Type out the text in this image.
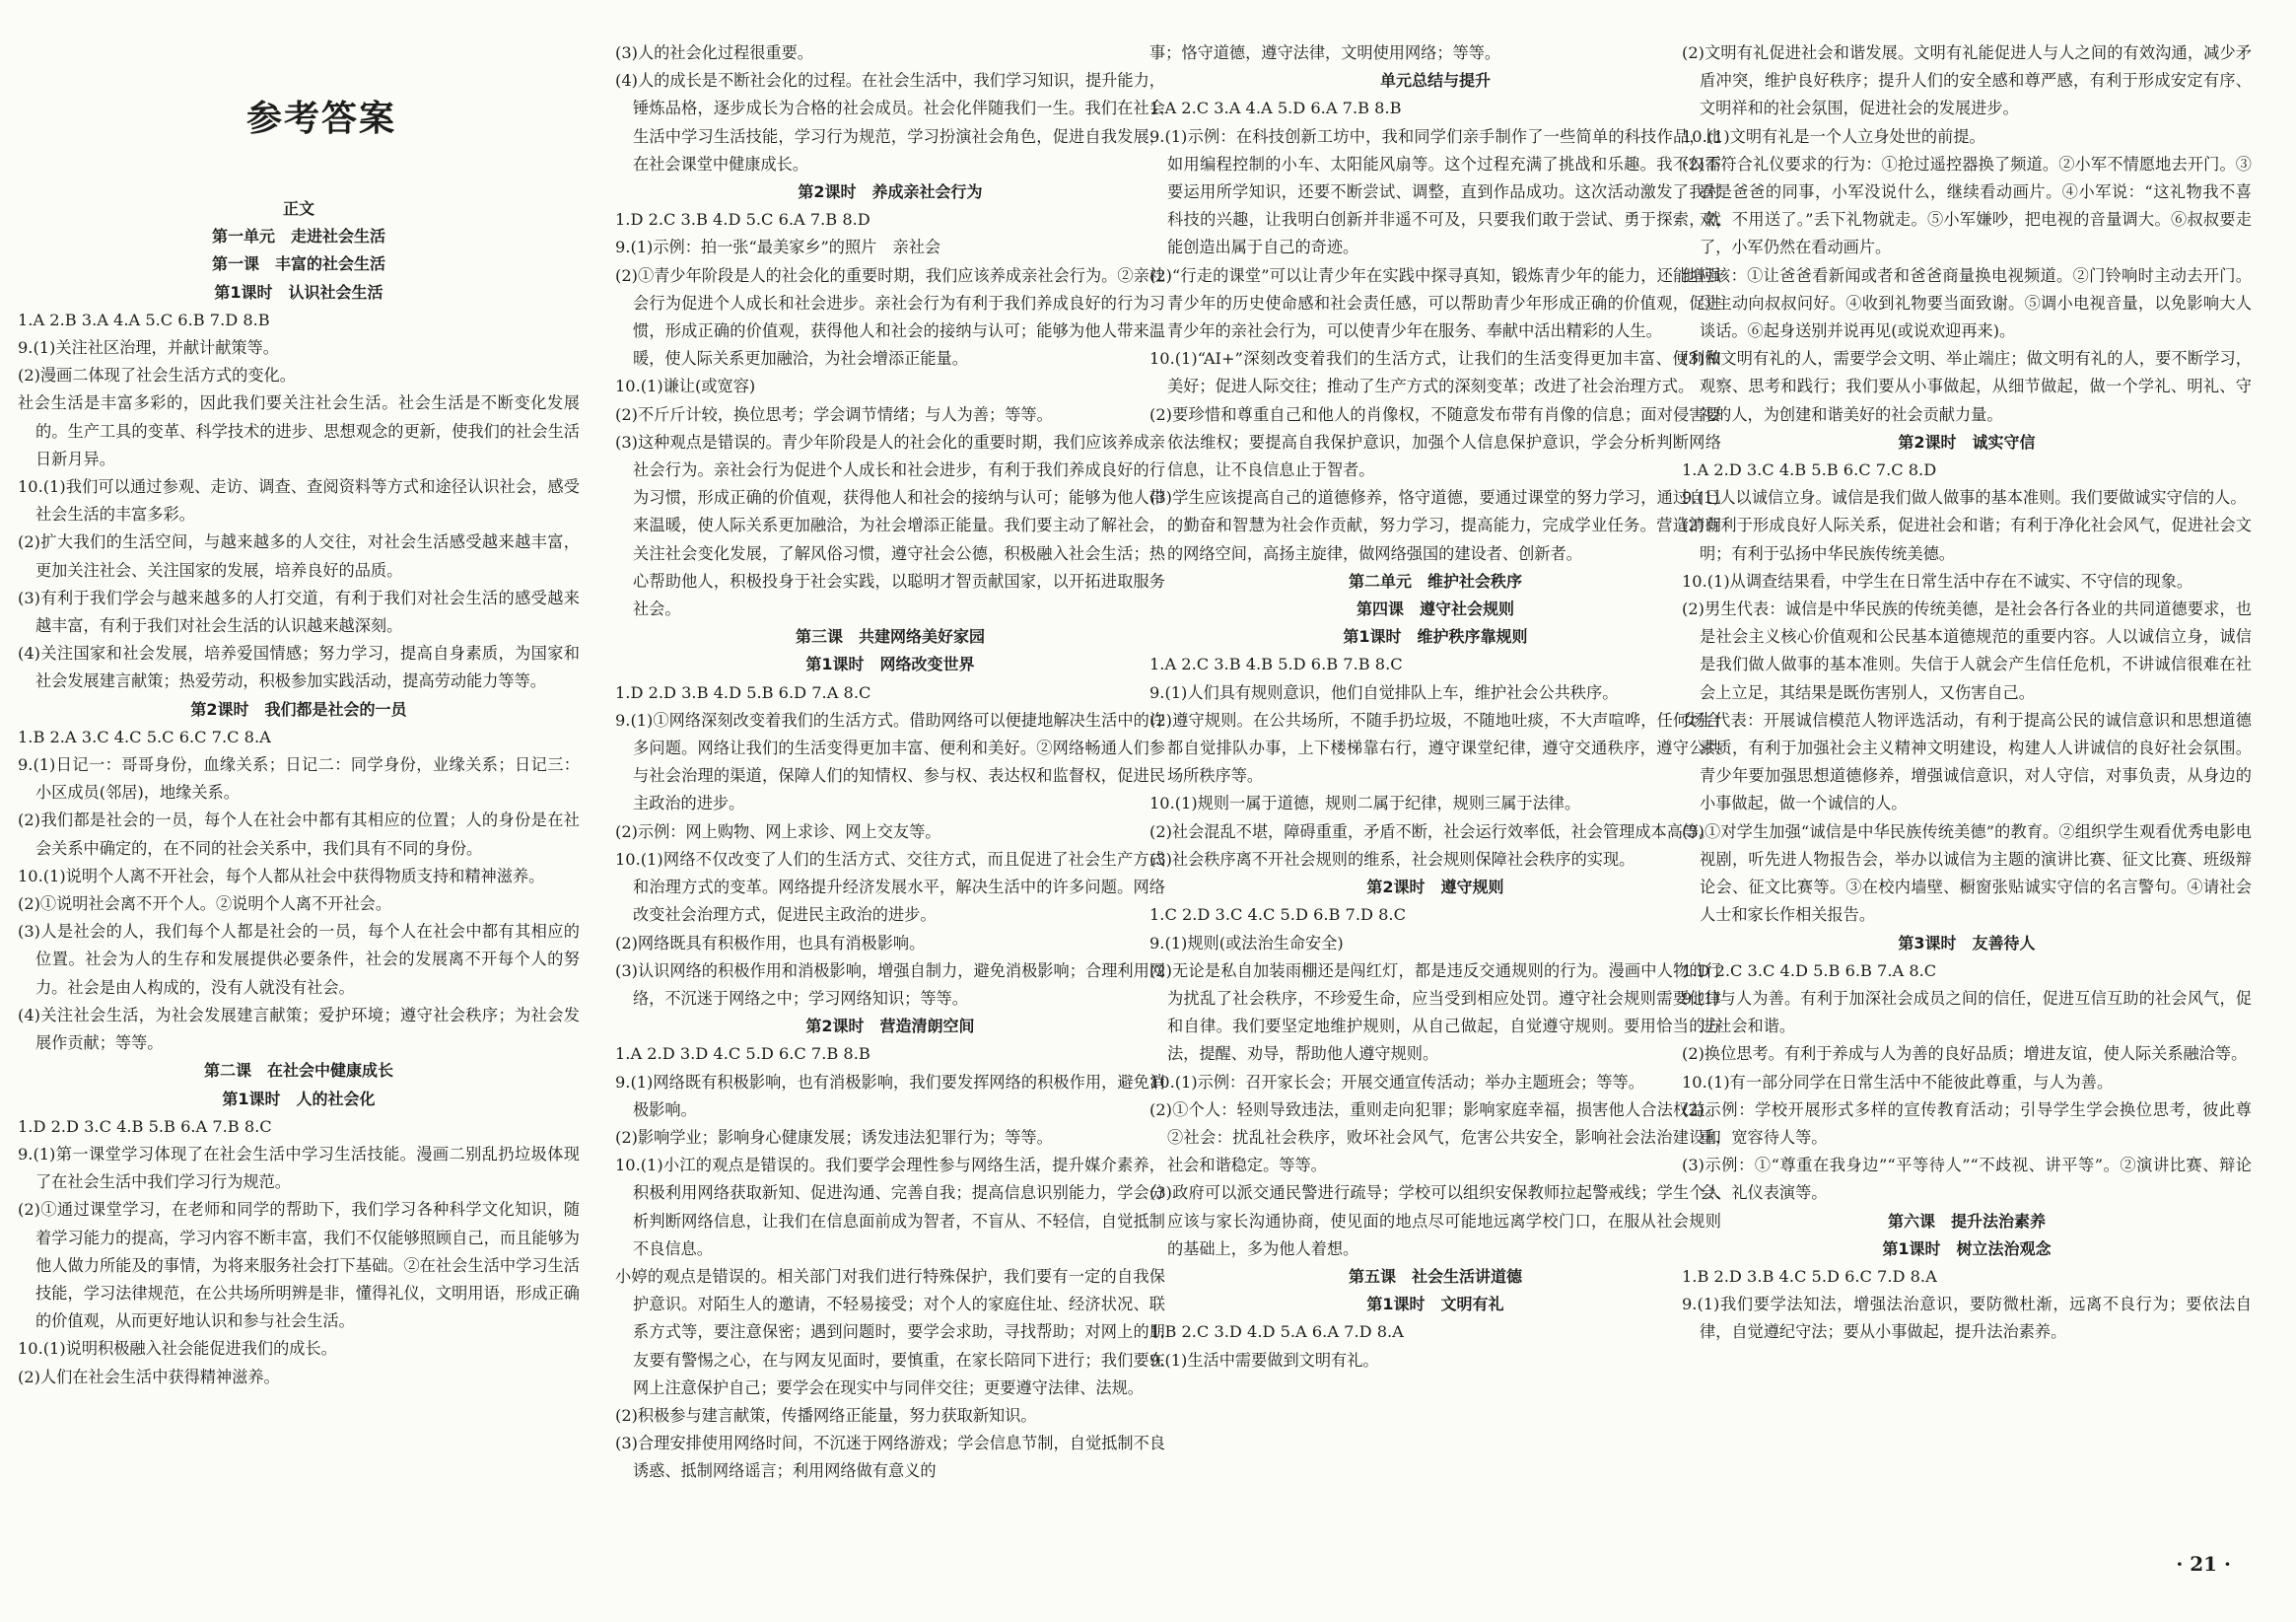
参考答案
正文
第一单元　走进社会生活
第一课　丰富的社会生活
第1课时　认识社会生活
1.A 2.B 3.A 4.A 5.C 6.B 7.D 8.B
9.(1)关注社区治理，并献计献策等。
(2)漫画二体现了社会生活方式的变化。
社会生活是丰富多彩的，因此我们要关注社会生活。社会生活是不断变化发展的。生产工具的变革、科学技术的进步、思想观念的更新，使我们的社会生活日新月异。
10.(1)我们可以通过参观、走访、调查、查阅资料等方式和途径认识社会，感受社会生活的丰富多彩。
(2)扩大我们的生活空间，与越来越多的人交往，对社会生活感受越来越丰富，更加关注社会、关注国家的发展，培养良好的品质。
(3)有利于我们学会与越来越多的人打交道，有利于我们对社会生活的感受越来越丰富，有利于我们对社会生活的认识越来越深刻。
(4)关注国家和社会发展，培养爱国情感；努力学习，提高自身素质，为国家和社会发展建言献策；热爱劳动，积极参加实践活动，提高劳动能力等等。
第2课时　我们都是社会的一员
1.B 2.A 3.C 4.C 5.C 6.C 7.C 8.A
9.(1)日记一：哥哥身份，血缘关系；日记二：同学身份，业缘关系；日记三：小区成员(邻居)，地缘关系。
(2)我们都是社会的一员，每个人在社会中都有其相应的位置；人的身份是在社会关系中确定的，在不同的社会关系中，我们具有不同的身份。
10.(1)说明个人离不开社会，每个人都从社会中获得物质支持和精神滋养。
(2)①说明社会离不开个人。②说明个人离不开社会。
(3)人是社会的人，我们每个人都是社会的一员，每个人在社会中都有其相应的位置。社会为人的生存和发展提供必要条件，社会的发展离不开每个人的努力。社会是由人构成的，没有人就没有社会。
(4)关注社会生活，为社会发展建言献策；爱护环境；遵守社会秩序；为社会发展作贡献；等等。
第二课　在社会中健康成长
第1课时　人的社会化
1.D 2.D 3.C 4.B 5.B 6.A 7.B 8.C
9.(1)第一课堂学习体现了在社会生活中学习生活技能。漫画二别乱扔垃圾体现了在社会生活中我们学习行为规范。
(2)①通过课堂学习，在老师和同学的帮助下，我们学习各种科学文化知识，随着学习能力的提高，学习内容不断丰富，我们不仅能够照顾自己，而且能够为他人做力所能及的事情，为将来服务社会打下基础。②在社会生活中学习生活技能，学习法律规范，在公共场所明辨是非，懂得礼仪，文明用语，形成正确的价值观，从而更好地认识和参与社会生活。
10.(1)说明积极融入社会能促进我们的成长。
(2)人们在社会生活中获得精神滋养。
(3)人的社会化过程很重要。
(4)人的成长是不断社会化的过程。在社会生活中，我们学习知识，提升能力，锤炼品格，逐步成长为合格的社会成员。社会化伴随我们一生。我们在社会生活中学习生活技能，学习行为规范，学习扮演社会角色，促进自我发展，在社会课堂中健康成长。
第2课时　养成亲社会行为
1.D 2.C 3.B 4.D 5.C 6.A 7.B 8.D
9.(1)示例：拍一张“最美家乡”的照片　亲社会
(2)①青少年阶段是人的社会化的重要时期，我们应该养成亲社会行为。②亲社会行为促进个人成长和社会进步。亲社会行为有利于我们养成良好的行为习惯，形成正确的价值观，获得他人和社会的接纳与认可；能够为他人带来温暖，使人际关系更加融洽，为社会增添正能量。
10.(1)谦让(或宽容)
(2)不斤斤计较，换位思考；学会调节情绪；与人为善；等等。
(3)这种观点是错误的。青少年阶段是人的社会化的重要时期，我们应该养成亲社会行为。亲社会行为促进个人成长和社会进步，有利于我们养成良好的行为习惯，形成正确的价值观，获得他人和社会的接纳与认可；能够为他人带来温暖，使人际关系更加融洽，为社会增添正能量。我们要主动了解社会，关注社会变化发展，了解风俗习惯，遵守社会公德，积极融入社会生活；热心帮助他人，积极投身于社会实践，以聪明才智贡献国家，以开拓进取服务社会。
第三课　共建网络美好家园
第1课时　网络改变世界
1.D 2.D 3.B 4.D 5.B 6.D 7.A 8.C
9.(1)①网络深刻改变着我们的生活方式。借助网络可以便捷地解决生活中的许多问题。网络让我们的生活变得更加丰富、便利和美好。②网络畅通人们参与社会治理的渠道，保障人们的知情权、参与权、表达权和监督权，促进民主政治的进步。
(2)示例：网上购物、网上求诊、网上交友等。
10.(1)网络不仅改变了人们的生活方式、交往方式，而且促进了社会生产方式和治理方式的变革。网络提升经济发展水平，解决生活中的许多问题。网络改变社会治理方式，促进民主政治的进步。
(2)网络既具有积极作用，也具有消极影响。
(3)认识网络的积极作用和消极影响，增强自制力，避免消极影响；合理利用网络，不沉迷于网络之中；学习网络知识；等等。
第2课时　营造清朗空间
1.A 2.D 3.D 4.C 5.D 6.C 7.B 8.B
9.(1)网络既有积极影响，也有消极影响，我们要发挥网络的积极作用，避免消极影响。
(2)影响学业；影响身心健康发展；诱发违法犯罪行为；等等。
10.(1)小江的观点是错误的。我们要学会理性参与网络生活，提升媒介素养，积极利用网络获取新知、促进沟通、完善自我；提高信息识别能力，学会分析判断网络信息，让我们在信息面前成为智者，不盲从、不轻信，自觉抵制不良信息。
小婷的观点是错误的。相关部门对我们进行特殊保护，我们要有一定的自我保护意识。对陌生人的邀请，不轻易接受；对个人的家庭住址、经济状况、联系方式等，要注意保密；遇到问题时，要学会求助，寻找帮助；对网上的朋友要有警惕之心，在与网友见面时，要慎重，在家长陪同下进行；我们要在网上注意保护自己；要学会在现实中与同伴交往；更要遵守法律、法规。
(2)积极参与建言献策，传播网络正能量，努力获取新知识。
(3)合理安排使用网络时间，不沉迷于网络游戏；学会信息节制，自觉抵制不良诱惑、抵制网络谣言；利用网络做有意义的
事；恪守道德，遵守法律，文明使用网络；等等。
单元总结与提升
1.A 2.C 3.A 4.A 5.D 6.A 7.B 8.B
9.(1)示例：在科技创新工坊中，我和同学们亲手制作了一些简单的科技作品，比如用编程控制的小车、太阳能风扇等。这个过程充满了挑战和乐趣。我不仅需要运用所学知识，还要不断尝试、调整，直到作品成功。这次活动激发了我对科技的兴趣，让我明白创新并非遥不可及，只要我们敢于尝试、勇于探索，就能创造出属于自己的奇迹。
(2)“行走的课堂”可以让青少年在实践中探寻真知，锻炼青少年的能力，还能增强青少年的历史使命感和社会责任感，可以帮助青少年形成正确的价值观，促进青少年的亲社会行为，可以使青少年在服务、奉献中活出精彩的人生。
10.(1)“AI+”深刻改变着我们的生活方式，让我们的生活变得更加丰富、便利和美好；促进人际交往；推动了生产方式的深刻变革；改进了社会治理方式。
(2)要珍惜和尊重自己和他人的肖像权，不随意发布带有肖像的信息；面对侵害要依法维权；要提高自我保护意识，加强个人信息保护意识，学会分析判断网络信息，让不良信息止于智者。
(3)学生应该提高自己的道德修养，恪守道德，要通过课堂的努力学习，通过自己的勤奋和智慧为社会作贡献，努力学习，提高能力，完成学业任务。营造清朗的网络空间，高扬主旋律，做网络强国的建设者、创新者。
第二单元　维护社会秩序
第四课　遵守社会规则
第1课时　维护秩序靠规则
1.A 2.C 3.B 4.B 5.D 6.B 7.B 8.C
9.(1)人们具有规则意识，他们自觉排队上车，维护社会公共秩序。
(2)遵守规则。在公共场所，不随手扔垃圾，不随地吐痰，不大声喧哗，任何场合都自觉排队办事，上下楼梯靠右行，遵守课堂纪律，遵守交通秩序，遵守公共场所秩序等。
10.(1)规则一属于道德，规则二属于纪律，规则三属于法律。
(2)社会混乱不堪，障碍重重，矛盾不断，社会运行效率低，社会管理成本高等。
(3)社会秩序离不开社会规则的维系，社会规则保障社会秩序的实现。
第2课时　遵守规则
1.C 2.D 3.C 4.C 5.D 6.B 7.D 8.C
9.(1)规则(或法治生命安全)
(2)无论是私自加装雨棚还是闯红灯，都是违反交通规则的行为。漫画中人物的行为扰乱了社会秩序，不珍爱生命，应当受到相应处罚。遵守社会规则需要他律和自律。我们要坚定地维护规则，从自己做起，自觉遵守规则。要用恰当的方法，提醒、劝导，帮助他人遵守规则。
10.(1)示例：召开家长会；开展交通宣传活动；举办主题班会；等等。
(2)①个人：轻则导致违法，重则走向犯罪；影响家庭幸福，损害他人合法权益。②社会：扰乱社会秩序，败坏社会风气，危害公共安全，影响社会法治建设和社会和谐稳定。等等。
(3)政府可以派交通民警进行疏导；学校可以组织安保教师拉起警戒线；学生个人应该与家长沟通协商，使见面的地点尽可能地远离学校门口，在服从社会规则的基础上，多为他人着想。
第五课　社会生活讲道德
第1课时　文明有礼
1.B 2.C 3.D 4.D 5.A 6.A 7.D 8.A
9.(1)生活中需要做到文明有礼。
(2)文明有礼促进社会和谐发展。文明有礼能促进人与人之间的有效沟通，减少矛盾冲突，维护良好秩序；提升人们的安全感和尊严感，有利于形成安定有序、文明祥和的社会氛围，促进社会的发展进步。
10.(1)文明有礼是一个人立身处世的前提。
(2)不符合礼仪要求的行为：①抢过遥控器换了频道。②小军不情愿地去开门。③看是爸爸的同事，小军没说什么，继续看动画片。④小军说：“这礼物我不喜欢，不用送了。”丢下礼物就走。⑤小军嫌吵，把电视的音量调大。⑥叔叔要走了，小军仍然在看动画片。
他应该：①让爸爸看新闻或者和爸爸商量换电视频道。②门铃响时主动去开门。③主动向叔叔问好。④收到礼物要当面致谢。⑤调小电视音量，以免影响大人谈话。⑥起身送别并说再见(或说欢迎再来)。
(3)做文明有礼的人，需要学会文明、举止端庄；做文明有礼的人，要不断学习，观察、思考和践行；我们要从小事做起，从细节做起，做一个学礼、明礼、守礼的人，为创建和谐美好的社会贡献力量。
第2课时　诚实守信
1.A 2.D 3.C 4.B 5.B 6.C 7.C 8.D
9.(1)人以诚信立身。诚信是我们做人做事的基本准则。我们要做诚实守信的人。
(2)有利于形成良好人际关系，促进社会和谐；有利于净化社会风气，促进社会文明；有利于弘扬中华民族传统美德。
10.(1)从调查结果看，中学生在日常生活中存在不诚实、不守信的现象。
(2)男生代表：诚信是中华民族的传统美德，是社会各行各业的共同道德要求，也是社会主义核心价值观和公民基本道德规范的重要内容。人以诚信立身，诚信是我们做人做事的基本准则。失信于人就会产生信任危机，不讲诚信很难在社会上立足，其结果是既伤害别人，又伤害自己。
女生代表：开展诚信模范人物评选活动，有利于提高公民的诚信意识和思想道德素质，有利于加强社会主义精神文明建设，构建人人讲诚信的良好社会氛围。青少年要加强思想道德修养，增强诚信意识，对人守信，对事负责，从身边的小事做起，做一个诚信的人。
(3)①对学生加强“诚信是中华民族传统美德”的教育。②组织学生观看优秀电影电视剧，听先进人物报告会，举办以诚信为主题的演讲比赛、征文比赛、班级辩论会、征文比赛等。③在校内墙壁、橱窗张贴诚实守信的名言警句。④请社会人士和家长作相关报告。
第3课时　友善待人
1.D 2.C 3.C 4.D 5.B 6.B 7.A 8.C
9.(1)与人为善。有利于加深社会成员之间的信任，促进互信互助的社会风气，促进社会和谐。
(2)换位思考。有利于养成与人为善的良好品质；增进友谊，使人际关系融洽等。
10.(1)有一部分同学在日常生活中不能彼此尊重，与人为善。
(2)示例：学校开展形式多样的宣传教育活动；引导学生学会换位思考，彼此尊重，宽容待人等。
(3)示例：①“尊重在我身边”“平等待人”“不歧视、讲平等”。②演讲比赛、辩论会、礼仪表演等。
第六课　提升法治素养
第1课时　树立法治观念
1.B 2.D 3.B 4.C 5.D 6.C 7.D 8.A
9.(1)我们要学法知法，增强法治意识，要防微杜渐，远离不良行为；要依法自律，自觉遵纪守法；要从小事做起，提升法治素养。
· 21 ·
